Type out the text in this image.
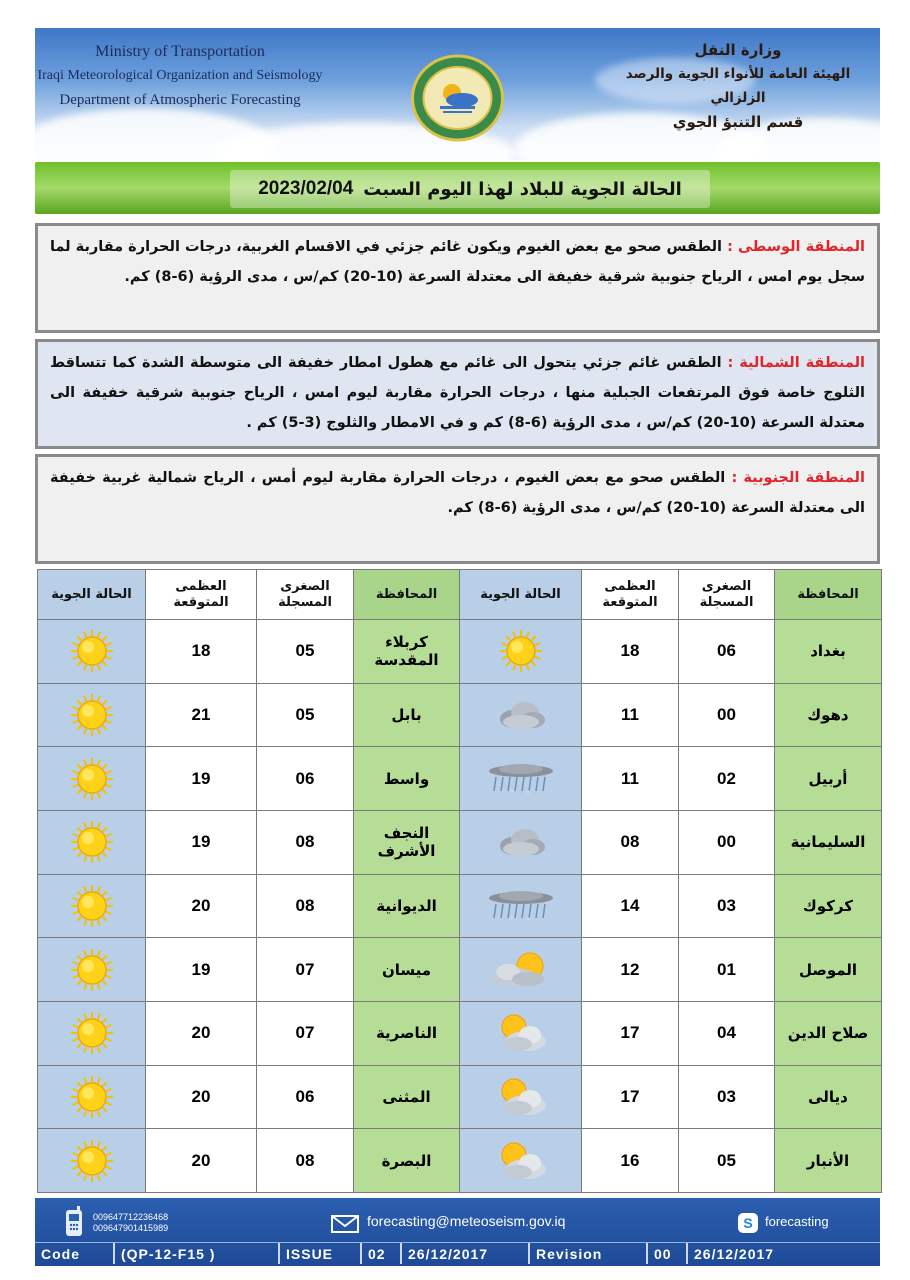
Ministry of Transportation
Iraqi Meteorological Organization and Seismology
Department of Atmospheric Forecasting
وزارة النقل
الهيئة العامة للأنواء الجوية والرصد الزلزالي
قسم التنبؤ الجوي
الحالة الجوية للبلاد لهذا اليوم السبت
2023/02/04
المنطقة الوسطى : الطقس صحو مع بعض الغيوم ويكون غائم جزئي في الاقسام الغربية، درجات الحرارة مقاربة لما سجل يوم امس ، الرياح جنوبية شرقية خفيفة الى معتدلة السرعة (10-20) كم/س ، مدى الرؤية (6-8) كم.
المنطقة الشمالية : الطقس غائم جزئي يتحول الى غائم مع هطول امطار خفيفة الى متوسطة الشدة كما تتساقط الثلوج خاصة فوق المرتفعات الجبلية منها ، درجات الحرارة مقاربة ليوم امس ، الرياح جنوبية شرقية خفيفة الى معتدلة السرعة (10-20) كم/س ، مدى الرؤية (6-8) كم و في الامطار والثلوج (3-5) كم .
المنطقة الجنوبية : الطقس صحو مع بعض الغيوم ، درجات الحرارة مقاربة ليوم أمس ، الرياح شمالية غربية خفيفة الى معتدلة السرعة (10-20) كم/س ، مدى الرؤية (6-8) كم.
المحافظة	الصغرى المسجلة	العظمى المتوقعة	الحالة الجوية	المحافظة	الصغرى المسجلة	العظمى المتوقعة	الحالة الجوية
بغداد	06	18		كربلاء المقدسة	05	18	

دهوك	00	11		بابل	05	21	

أربيل	02	11		واسط	06	19	

السليمانية	00	08		النجف الأشرف	08	19	

كركوك	03	14		الديوانية	08	20	

الموصل	01	12		ميسان	07	19	

صلاح الدين	04	17		الناصرية	07	20	

ديالى	03	17		المثنى	06	20	

الأنبار	05	16		البصرة	08	20	
009647712236468
009647901415989	forecasting@meteoseism.gov.iq	S forecasting
Code	(QP-12-F15 )	ISSUE	02	26/12/2017	Revision	00	26/12/2017
